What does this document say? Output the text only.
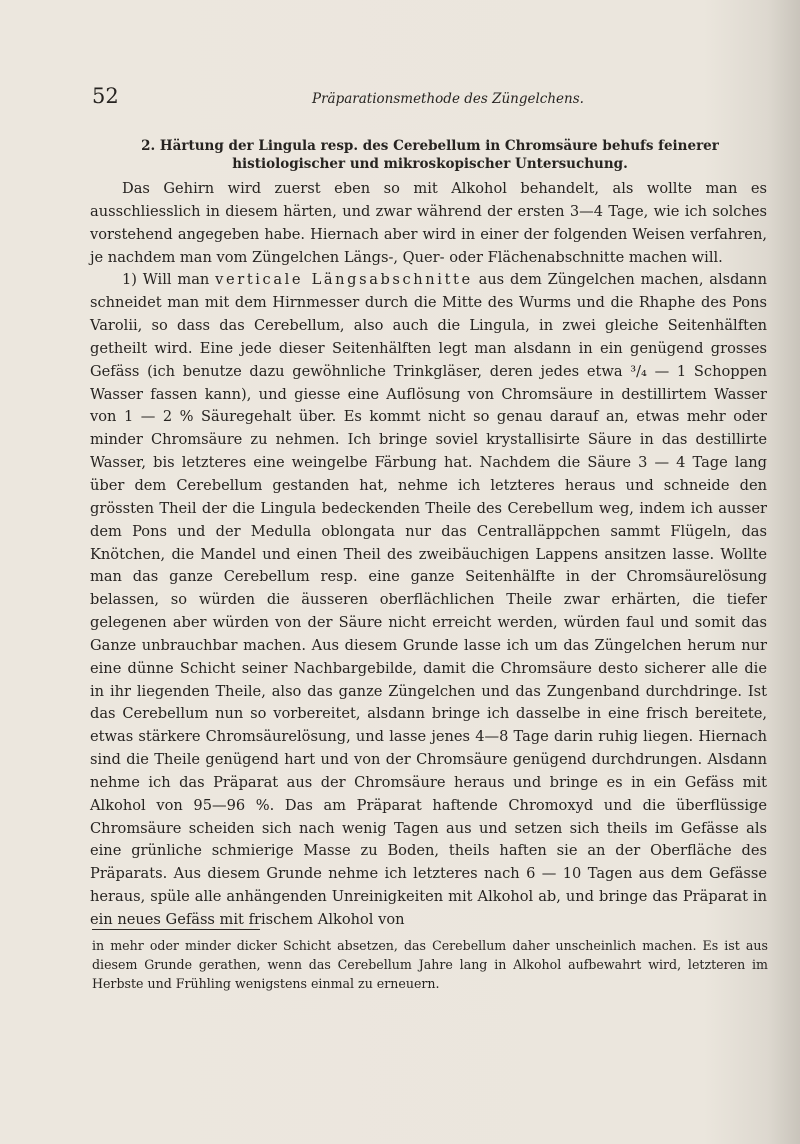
52	Präparationsmethode des Züngelchens.
2. Härtung der Lingula resp. des Cerebellum in Chromsäure behufs feinerer histiologischer und mikroskopischer Untersuchung.

Das Gehirn wird zuerst eben so mit Alkohol behandelt, als wollte man es ausschliesslich in diesem härten, und zwar während der ersten 3—4 Tage, wie ich solches vorstehend angegeben habe. Hiernach aber wird in einer der folgenden Weisen verfahren, je nachdem man vom Züngelchen Längs-, Quer- oder Flächenabschnitte machen will.

1) Will man verticale Längsabschnitte aus dem Züngelchen machen, alsdann schneidet man mit dem Hirnmesser durch die Mitte des Wurms und die Rhaphe des Pons Varolii, so dass das Cerebellum, also auch die Lingula, in zwei gleiche Seitenhälften getheilt wird. Eine jede dieser Seitenhälften legt man alsdann in ein genügend grosses Gefäss (ich benutze dazu gewöhnliche Trinkgläser, deren jedes etwa ³/₄ — 1 Schoppen Wasser fassen kann), und giesse eine Auflösung von Chromsäure in destillirtem Wasser von 1 — 2 % Säuregehalt über. Es kommt nicht so genau darauf an, etwas mehr oder minder Chromsäure zu nehmen. Ich bringe soviel krystallisirte Säure in das destillirte Wasser, bis letzteres eine weingelbe Färbung hat. Nachdem die Säure 3 — 4 Tage lang über dem Cerebellum gestanden hat, nehme ich letzteres heraus und schneide den grössten Theil der die Lingula bedeckenden Theile des Cerebellum weg, indem ich ausser dem Pons und der Medulla oblongata nur das Centralläppchen sammt Flügeln, das Knötchen, die Mandel und einen Theil des zweibäuchigen Lappens ansitzen lasse. Wollte man das ganze Cerebellum resp. eine ganze Seitenhälfte in der Chromsäurelösung belassen, so würden die äusseren oberflächlichen Theile zwar erhärten, die tiefer gelegenen aber würden von der Säure nicht erreicht werden, würden faul und somit das Ganze unbrauchbar machen. Aus diesem Grunde lasse ich um das Züngelchen herum nur eine dünne Schicht seiner Nachbargebilde, damit die Chromsäure desto sicherer alle die in ihr liegenden Theile, also das ganze Züngelchen und das Zungenband durchdringe. Ist das Cerebellum nun so vorbereitet, alsdann bringe ich dasselbe in eine frisch bereitete, etwas stärkere Chromsäurelösung, und lasse jenes 4—8 Tage darin ruhig liegen. Hiernach sind die Theile genügend hart und von der Chromsäure genügend durchdrungen. Alsdann nehme ich das Präparat aus der Chromsäure heraus und bringe es in ein Gefäss mit Alkohol von 95—96 %. Das am Präparat haftende Chromoxyd und die überflüssige Chromsäure scheiden sich nach wenig Tagen aus und setzen sich theils im Gefässe als eine grünliche schmierige Masse zu Boden, theils haften sie an der Oberfläche des Präparats. Aus diesem Grunde nehme ich letzteres nach 6 — 10 Tagen aus dem Gefässe heraus, spüle alle anhängenden Unreinigkeiten mit Alkohol ab, und bringe das Präparat in ein neues Gefäss mit frischem Alkohol von

in mehr oder minder dicker Schicht absetzen, das Cerebellum daher unscheinlich machen. Es ist aus diesem Grunde gerathen, wenn das Cerebellum Jahre lang in Alkohol aufbewahrt wird, letzteren im Herbste und Frühling wenigstens einmal zu erneuern.
